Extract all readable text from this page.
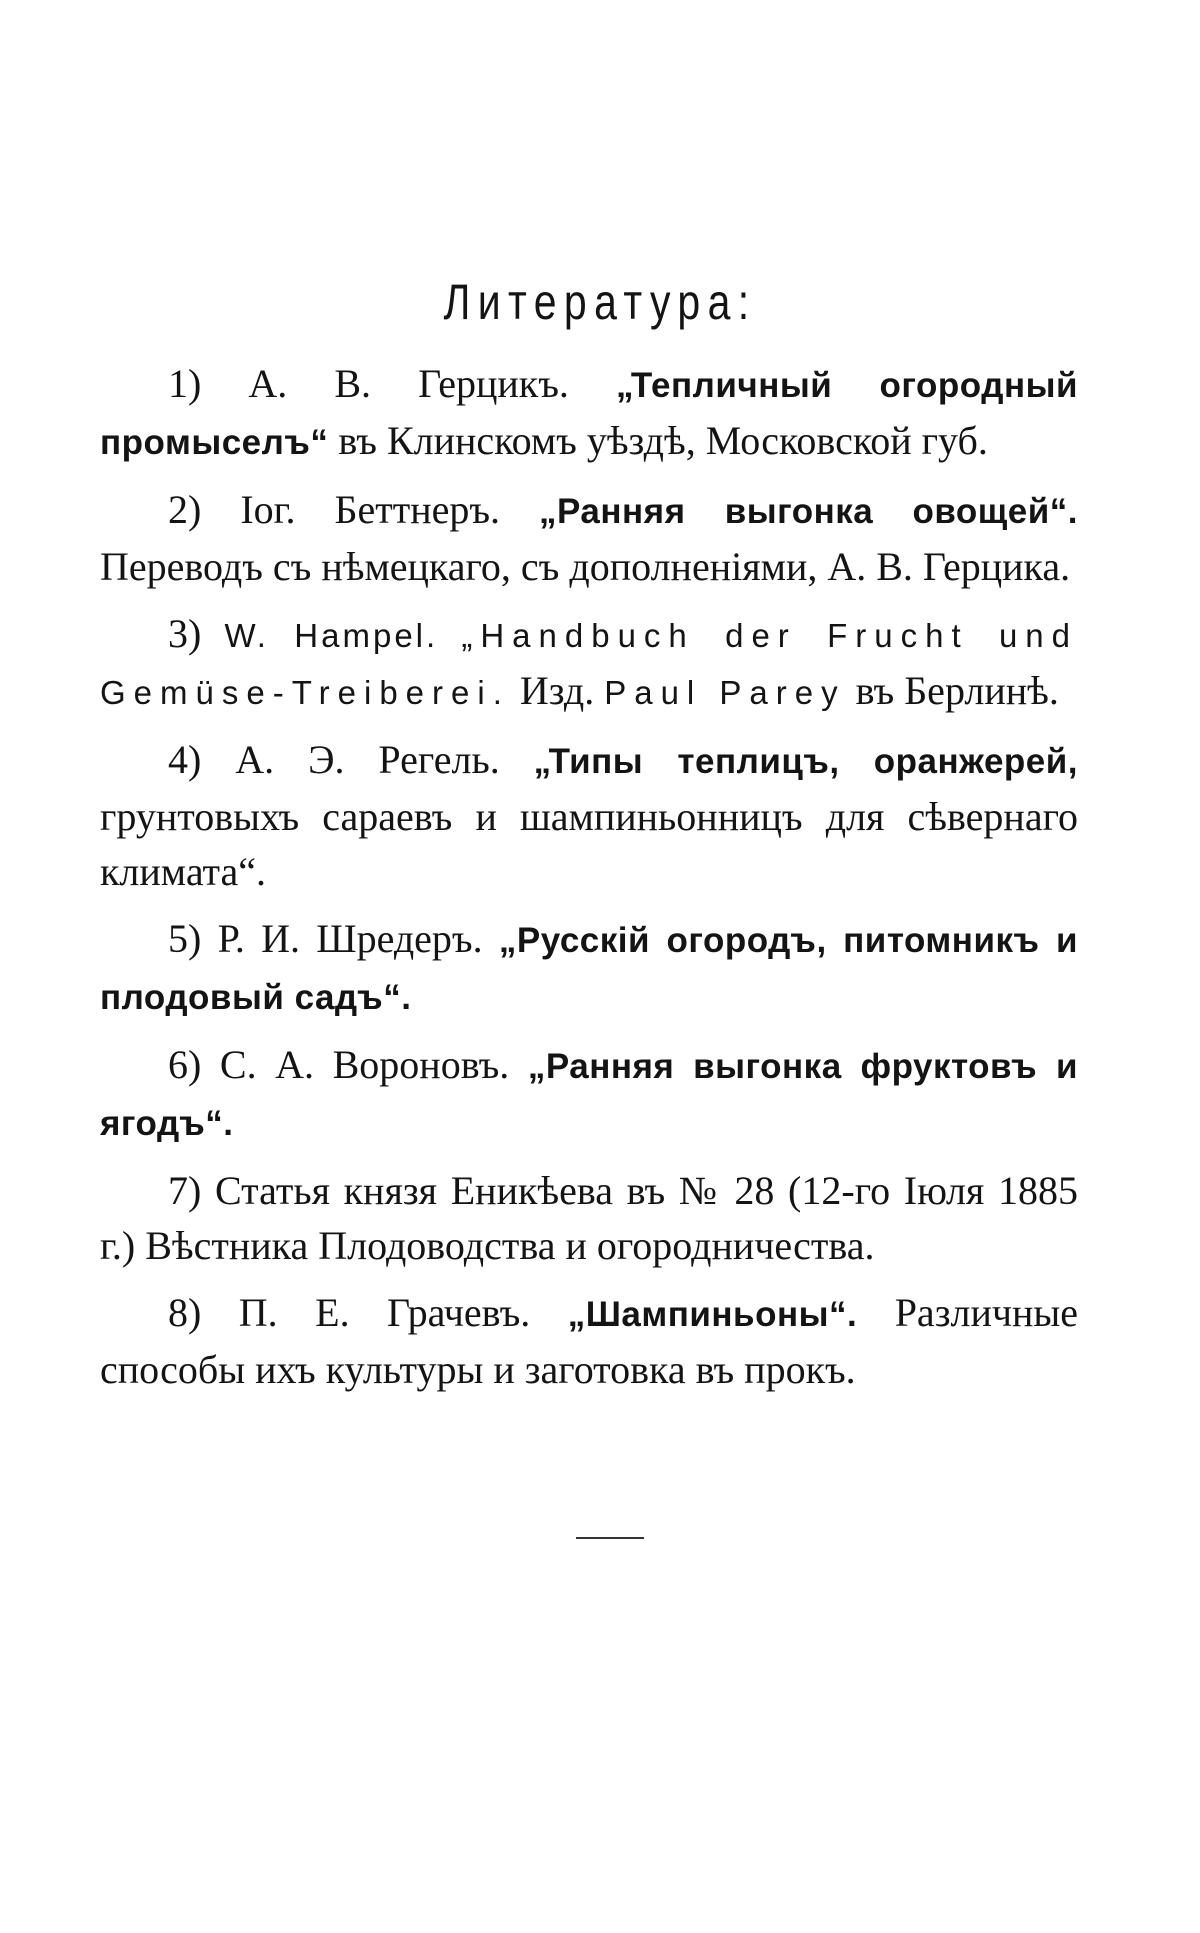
Литература:

1) А. В. Герцикъ. „Тепличный огородный промыселъ“ въ Клинскомъ уѣздѣ, Московской губ.

2) Іог. Беттнеръ. „Ранняя выгонка овощей“. Переводъ съ нѣмецкаго, съ дополненіями, А. В. Герцика.

3) W. Hampel. „Handbuch der Frucht und Gemüse-Treiberei. Изд. Paul Parey въ Берлинѣ.

4) А. Э. Регель. „Типы теплицъ, оранжерей, грунтовыхъ сараевъ и шампиньонницъ для сѣвернаго климата“.

5) Р. И. Шредеръ. „Русскій огородъ, питомникъ и плодовый садъ“.

6) С. А. Вороновъ. „Ранняя выгонка фруктовъ и ягодъ“.

7) Статья князя Еникѣева въ № 28 (12-го Іюля 1885 г.) Вѣстника Плодоводства и огородничества.

8) П. Е. Грачевъ. „Шампиньоны“. Различные способы ихъ культуры и заготовка въ прокъ.
